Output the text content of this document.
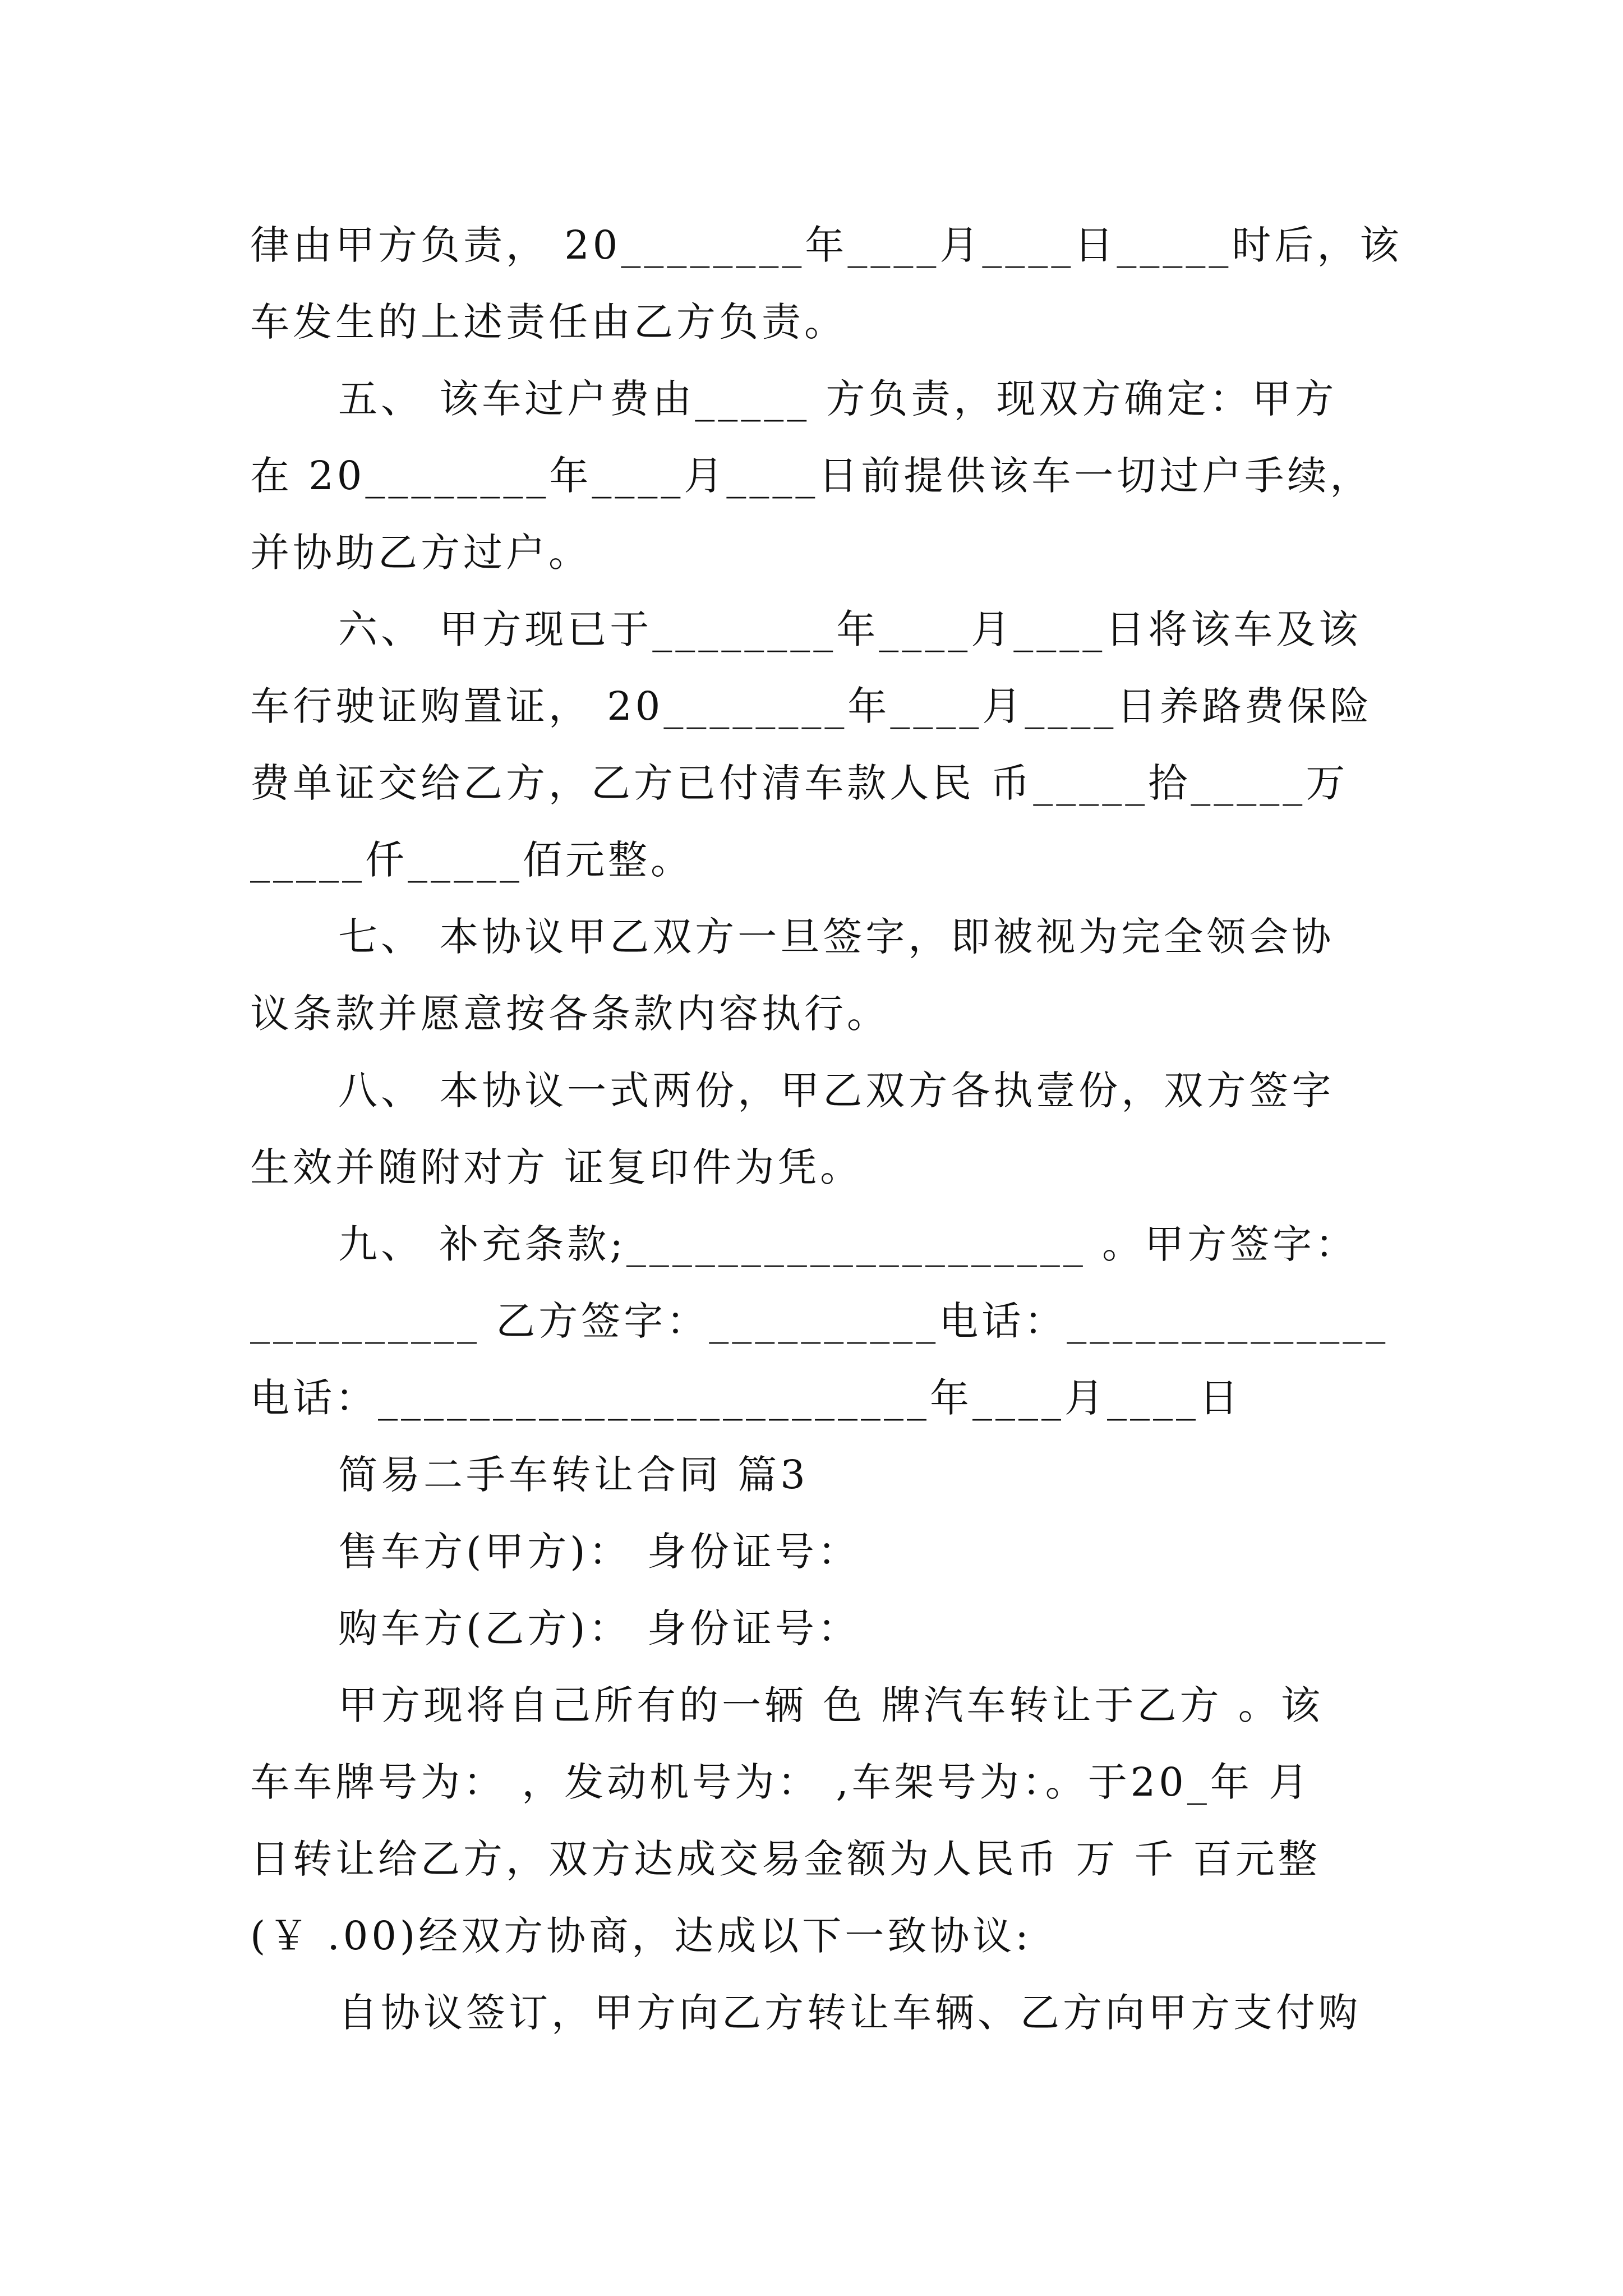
律由甲方负责， 20________年____月____日_____时后，该
车发生的上述责任由乙方负责。
五、 该车过户费由_____ 方负责，现双方确定：甲方
在 20________年____月____日前提供该车一切过户手续，
并协助乙方过户。
六、 甲方现已于________年____月____日将该车及该
车行驶证购置证， 20________年____月____日养路费保险
费单证交给乙方，乙方已付清车款人民 币_____拾_____万
_____仟_____佰元整。
七、 本协议甲乙双方一旦签字，即被视为完全领会协
议条款并愿意按各条款内容执行。
八、 本协议一式两份，甲乙双方各执壹份，双方签字
生效并随附对方 证复印件为凭。
九、 补充条款;____________________ 。甲方签字：
__________ 乙方签字：__________电话：______________
电话：________________________年____月____日
简易二手车转让合同 篇3
售车方(甲方)： 身份证号：
购车方(乙方)： 身份证号：
甲方现将自己所有的一辆 色 牌汽车转让于乙方 。该
车车牌号为： ，发动机号为： ,车架号为：。于20_年 月
日转让给乙方，双方达成交易金额为人民币 万 千 百元整
(￥ .00)经双方协商，达成以下一致协议:
自协议签订，甲方向乙方转让车辆、乙方向甲方支付购
